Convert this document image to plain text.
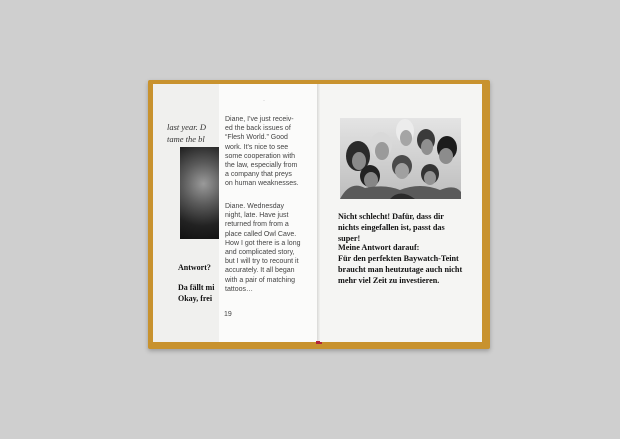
last year. D
tame the bl
Antwort?
Da fällt mi
Okay, frei
Diane, I've just receiv-ed the back issues of “Flesh World.” Good work. It's nice to see some cooperation with the law, especially from a company that preys on human weaknesses.
Diane. Wednesday night, late. Have just returned from from a place called Owl Cave. How I got there is a long and complicated story, but I will try to recount it accurately. It all began with a pair of matching tattoos…
19
·
Nicht schlecht! Dafür, dass dir nichts eingefallen ist, passt das super!
Meine Antwort darauf:
Für den perfekten Baywatch-Teint braucht man heutzutage auch nicht mehr viel Zeit zu investieren.
